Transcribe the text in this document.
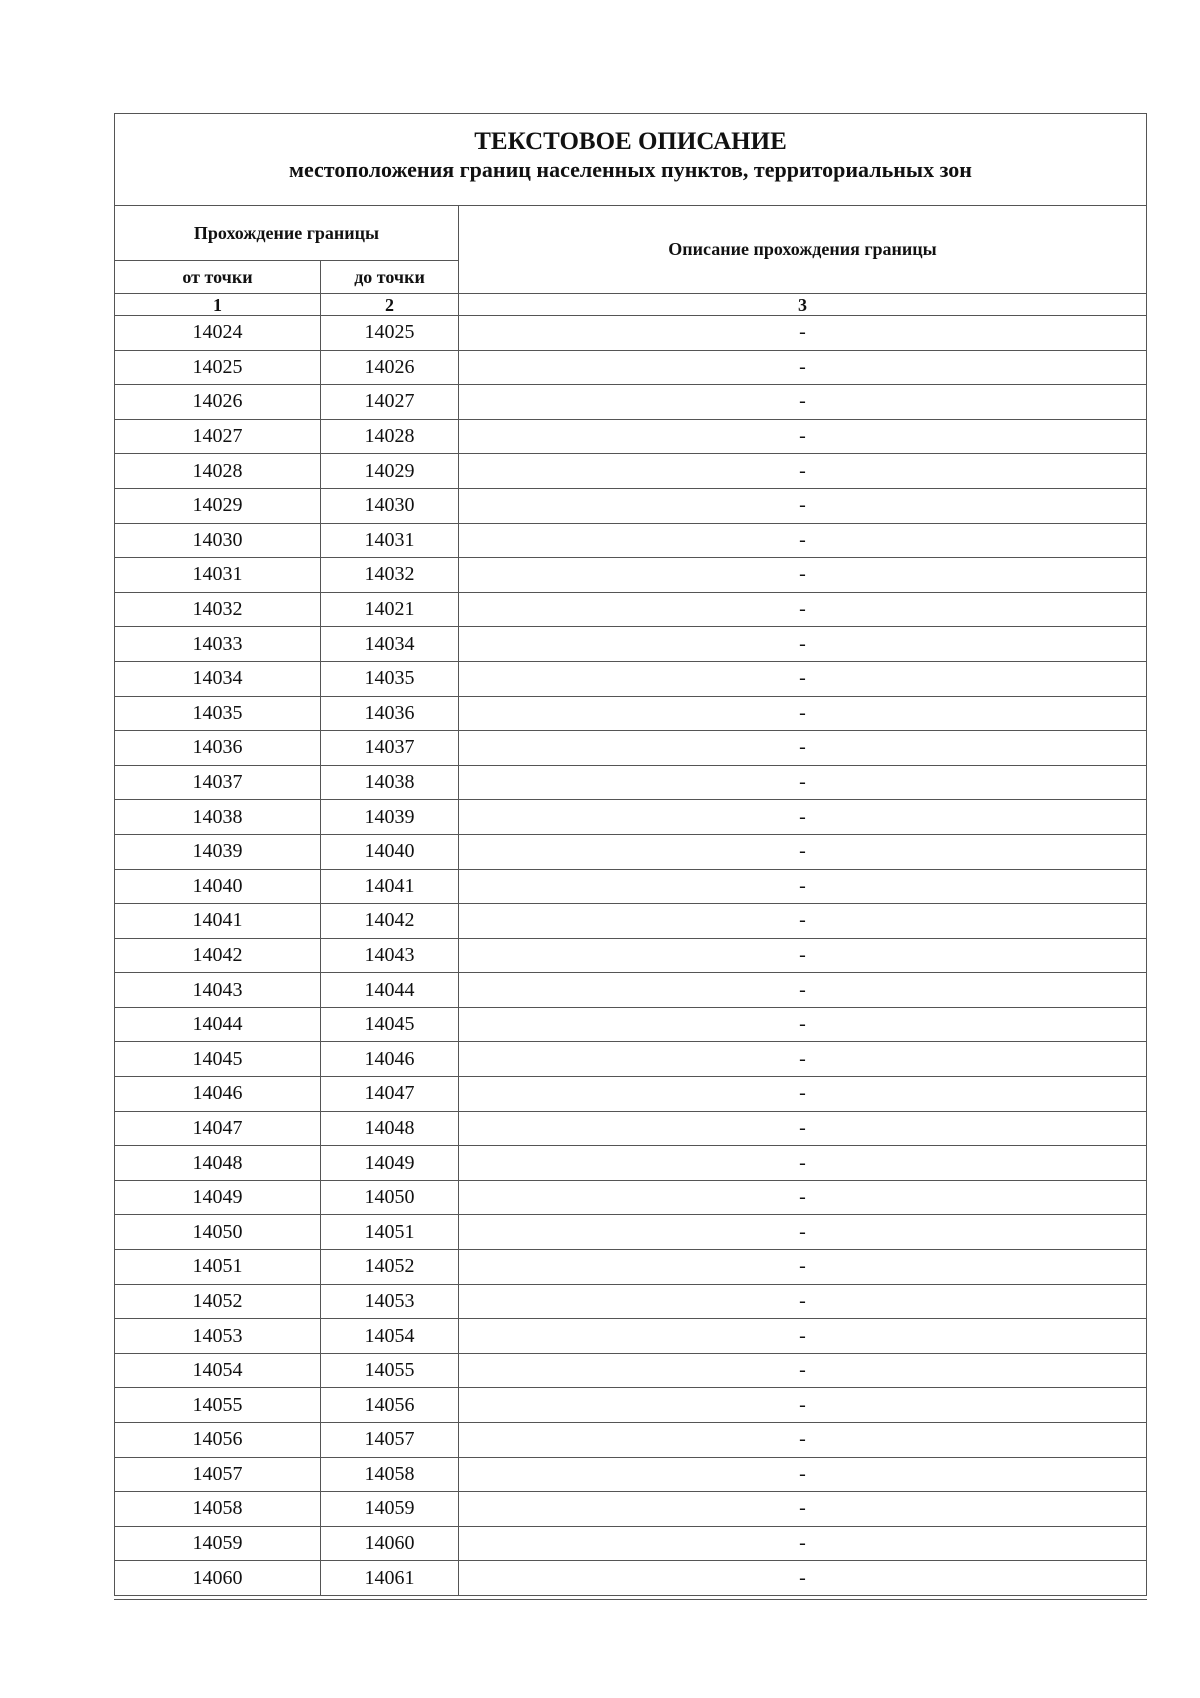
ТЕКСТОВОЕ ОПИСАНИЕ
местоположения границ населенных пунктов, территориальных зон
Прохождение границы		Описание прохождения границы
от точки	до точки	
1	2	3
14024	14025	-
14025	14026	-
14026	14027	-
14027	14028	-
14028	14029	-
14029	14030	-
14030	14031	-
14031	14032	-
14032	14021	-
14033	14034	-
14034	14035	-
14035	14036	-
14036	14037	-
14037	14038	-
14038	14039	-
14039	14040	-
14040	14041	-
14041	14042	-
14042	14043	-
14043	14044	-
14044	14045	-
14045	14046	-
14046	14047	-
14047	14048	-
14048	14049	-
14049	14050	-
14050	14051	-
14051	14052	-
14052	14053	-
14053	14054	-
14054	14055	-
14055	14056	-
14056	14057	-
14057	14058	-
14058	14059	-
14059	14060	-
14060	14061	-
